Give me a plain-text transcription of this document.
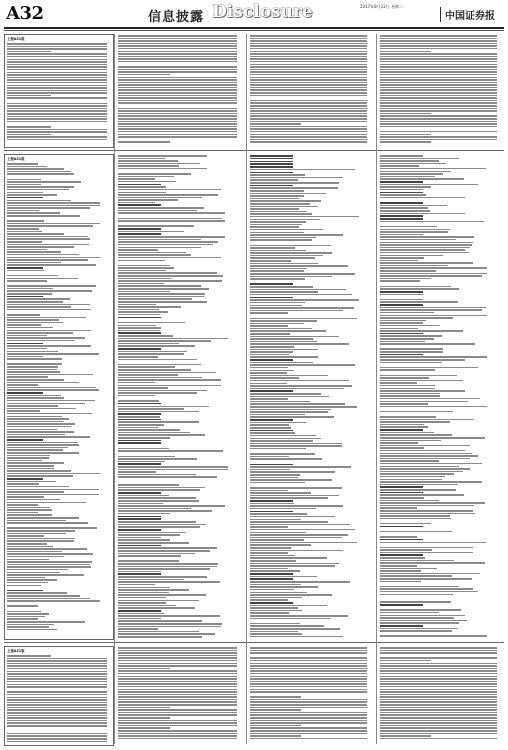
A32	信息披露 Disclosure	2017年8月22日 星期二
中国证券报
上接A31版
上接A31版
上接A31版
